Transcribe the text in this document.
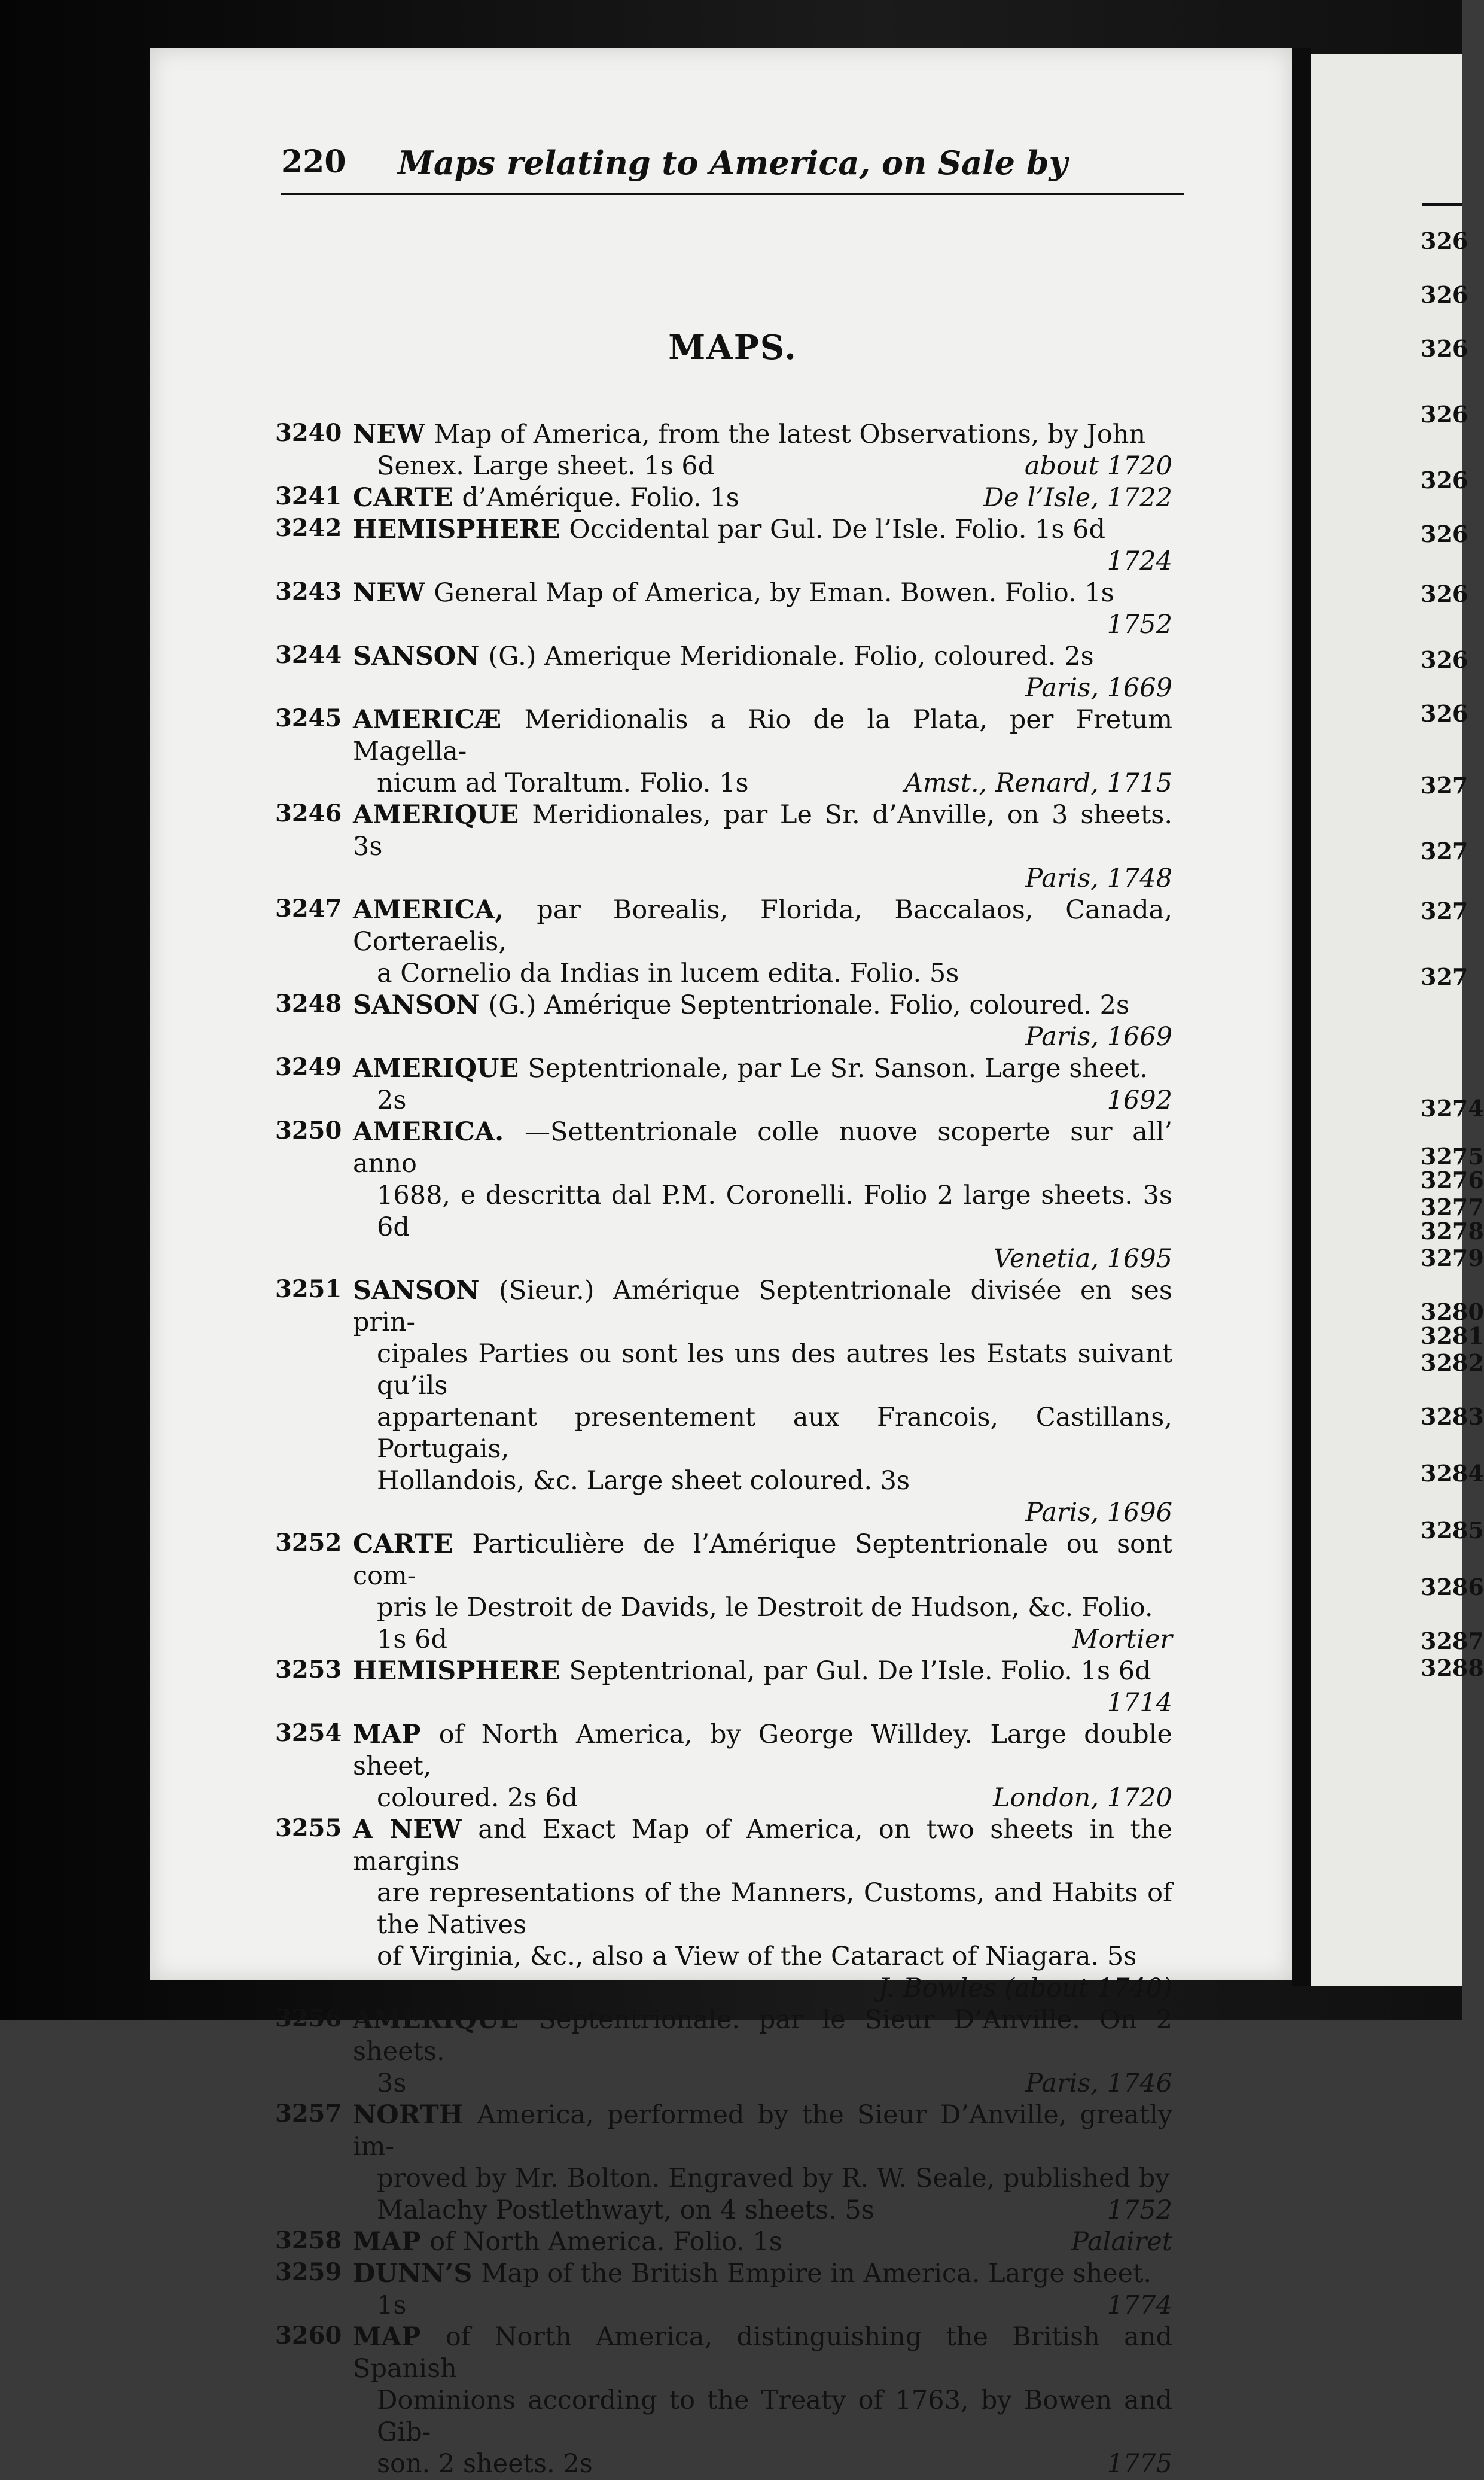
220	Maps relating to America, on Sale by
MAPS.
3240 NEW Map of America, from the latest Observations, by John
Senex. Large sheet. 1s 6d	about 1720
3241 CARTE d’Amérique. Folio. 1s	De l’Isle, 1722
3242 HEMISPHERE Occidental par Gul. De l’Isle. Folio. 1s 6d
1724
3243 NEW General Map of America, by Eman. Bowen. Folio. 1s
1752
3244 SANSON (G.) Amerique Meridionale. Folio, coloured. 2s
Paris, 1669
3245 AMERICÆ Meridionalis a Rio de la Plata, per Fretum Magella-
nicum ad Toraltum. Folio. 1s	Amst., Renard, 1715
3246 AMERIQUE Meridionales, par Le Sr. d’Anville, on 3 sheets. 3s
Paris, 1748
3247 AMERICA, par Borealis, Florida, Baccalaos, Canada, Corteraelis,
a Cornelio da Indias in lucem edita. Folio. 5s
3248 SANSON (G.) Amérique Septentrionale. Folio, coloured. 2s
Paris, 1669
3249 AMERIQUE Septentrionale, par Le Sr. Sanson. Large sheet.
2s	1692
3250 AMERICA. —Settentrionale colle nuove scoperte sur all’ anno
1688, e descritta dal P.M. Coronelli. Folio 2 large sheets. 3s 6d
Venetia, 1695
3251 SANSON (Sieur.) Amérique Septentrionale divisée en ses prin-
cipales Parties ou sont les uns des autres les Estats suivant qu’ils
appartenant presentement aux Francois, Castillans, Portugais,
Hollandois, &c. Large sheet coloured. 3s
Paris, 1696
3252 CARTE Particulière de l’Amérique Septentrionale ou sont com-
pris le Destroit de Davids, le Destroit de Hudson, &c. Folio.
1s 6d	Mortier
3253 HEMISPHERE Septentrional, par Gul. De l’Isle. Folio. 1s 6d
1714
3254 MAP of North America, by George Willdey. Large double sheet,
coloured. 2s 6d	London, 1720
3255 A NEW and Exact Map of America, on two sheets in the margins
are representations of the Manners, Customs, and Habits of the Natives
of Virginia, &c., also a View of the Cataract of Niagara. 5s
J. Bowles (about 1740)
3256 AMERIQUE Septentrionale. par le Sieur D’Anville. On 2 sheets.
3s	Paris, 1746
3257 NORTH America, performed by the Sieur D’Anville, greatly im-
proved by Mr. Bolton. Engraved by R. W. Seale, published by
Malachy Postlethwayt, on 4 sheets. 5s	1752
3258 MAP of North America. Folio. 1s	Palairet
3259 DUNN’S Map of the British Empire in America. Large sheet.
1s	1774
3260 MAP of North America, distinguishing the British and Spanish
Dominions according to the Treaty of 1763, by Bowen and Gib-
son. 2 sheets. 2s	1775
326
326
326
326
326
326
326
326
326
327
327
327
327
3274
3275
3276
3277
3278
3279
3280
3281
3282
3283
3284
3285
3286
3287
3288
